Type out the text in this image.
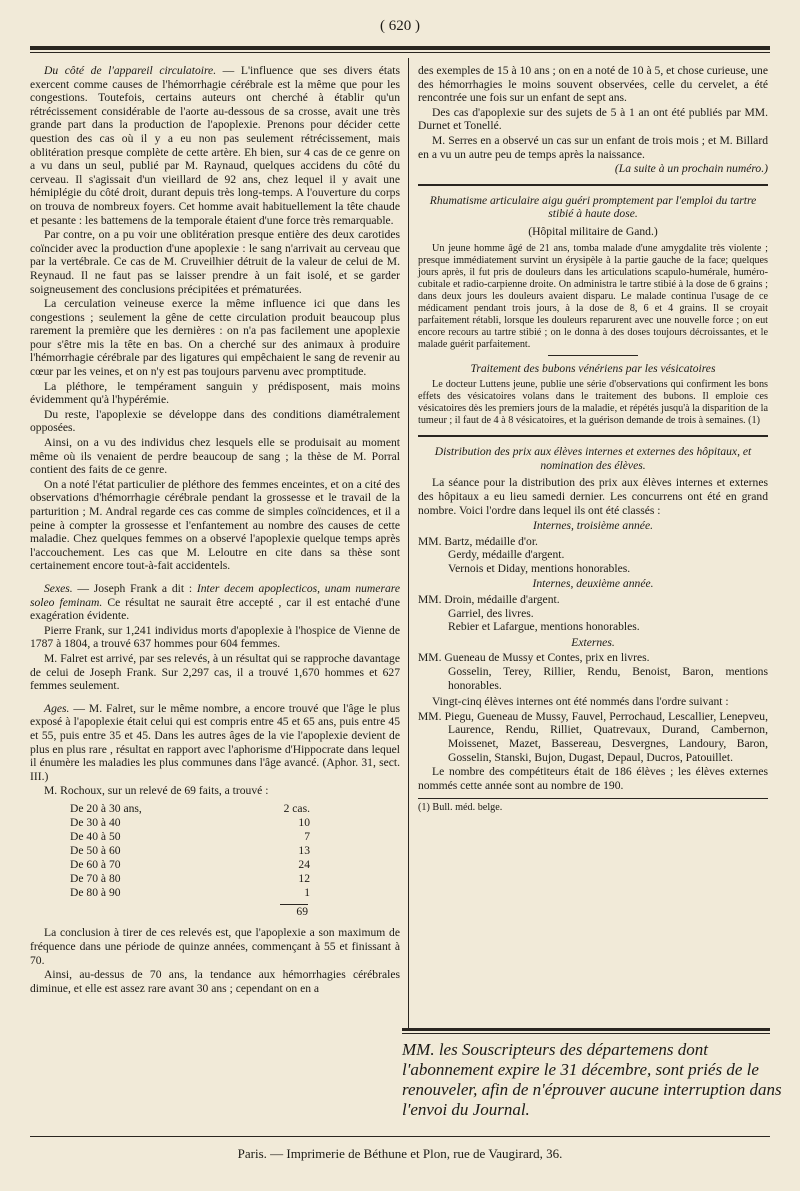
( 620 )

Du côté de l'appareil circulatoire. — L'influence que ses divers états exercent comme causes de l'hémorrhagie cérébrale est la même que pour les congestions. Toutefois, certains auteurs ont cherché à établir qu'un rétrécissement considérable de l'aorte au-dessous de sa crosse, avait une très grande part dans la production de l'apoplexie. Prenons pour décider cette question des cas où il y a eu non pas seulement rétrécissement, mais oblitération presque complète de cette artère. Eh bien, sur 4 cas de ce genre on a vu dans un seul, publié par M. Raynaud, quelques accidens du côté du cerveau. Il s'agissait d'un vieillard de 92 ans, chez lequel il y avait une hémiplégie du côté droit, durant depuis très long-temps. A l'ouverture du corps on trouva de nombreux foyers. Cet homme avait habituellement la tête chaude et pesante : les battemens de la temporale étaient d'une force très remarquable.

Par contre, on a pu voir une oblitération presque entière des deux carotides coïncider avec la production d'une apoplexie : le sang n'arrivait au cerveau que par la vertébrale. Ce cas de M. Cruveilhier détruit de la valeur de celui de M. Reynaud. Il ne faut pas se laisser prendre à un fait isolé, et se garder soigneusement des conclusions précipitées et prématurées.

La cerculation veineuse exerce la même influence ici que dans les congestions ; seulement la gêne de cette circulation produit beaucoup plus rarement la première que les dernières : on n'a pas facilement une apoplexie pour s'être mis la tête en bas. On a cherché sur des animaux à produire l'hémorrhagie cérébrale par des ligatures qui empêchaient le sang de revenir au cœur par les veines, et on n'y est pas toujours parvenu avec promptitude.

La pléthore, le tempérament sanguin y prédisposent, mais moins évidemment qu'à l'hypérémie.

Du reste, l'apoplexie se développe dans des conditions diamétralement opposées.

Ainsi, on a vu des individus chez lesquels elle se produisait au moment même où ils venaient de perdre beaucoup de sang ; la thèse de M. Porral contient des faits de ce genre.

On a noté l'état particulier de pléthore des femmes enceintes, et on a cité des observations d'hémorrhagie cérébrale pendant la grossesse et le travail de la parturition ; M. Andral regarde ces cas comme de simples coïncidences, et il a peine à compter la grossesse et l'enfantement au nombre des causes de cette maladie. Chez quelques femmes on a observé l'apoplexie quelque temps après l'accouchement. Les cas que M. Leloutre en cite dans sa thèse sont certainement encore tout-à-fait accidentels.

Sexes. — Joseph Frank a dit : Inter decem apoplecticos, unam numerare soleo feminam. Ce résultat ne saurait être accepté , car il est entaché d'une exagération évidente.

Pierre Frank, sur 1,241 individus morts d'apoplexie à l'hospice de Vienne de 1787 à 1804, a trouvé 637 hommes pour 604 femmes.

M. Falret est arrivé, par ses relevés, à un résultat qui se rapproche davantage de celui de Joseph Frank. Sur 2,297 cas, il a trouvé 1,670 hommes et 627 femmes seulement.

Ages. — M. Falret, sur le même nombre, a encore trouvé que l'âge le plus exposé à l'apoplexie était celui qui est compris entre 45 et 65 ans, puis entre 45 et 55, puis entre 35 et 45. Dans les autres âges de la vie l'apoplexie devient de plus en plus rare , résultat en rapport avec l'aphorisme d'Hippocrate dans lequel il énumère les maladies les plus communes dans l'âge avancé. (Aphor. 31, sect. III.)

M. Rochoux, sur un relevé de 69 faits, a trouvé :

De 20 à 30 ans,	2 cas.
De 30 à 40	10
De 40 à 50	7
De 50 à 60	13
De 60 à 70	24
De 70 à 80	12
De 80 à 90	1
69

La conclusion à tirer de ces relevés est, que l'apoplexie a son maximum de fréquence dans une période de quinze années, commençant à 55 et finissant à 70.

Ainsi, au-dessus de 70 ans, la tendance aux hémorrhagies cérébrales diminue, et elle est assez rare avant 30 ans ; cependant on en a

des exemples de 15 à 10 ans ; on en a noté de 10 à 5, et chose curieuse, une des hémorrhagies le moins souvent observées, celle du cervelet, a été rencontrée une fois sur un enfant de sept ans.

Des cas d'apoplexie sur des sujets de 5 à 1 an ont été publiés par MM. Durnet et Tonellé.

M. Serres en a observé un cas sur un enfant de trois mois ; et M. Billard en a vu un autre peu de temps après la naissance.

(La suite à un prochain numéro.)
Rhumatisme articulaire aigu guéri promptement par l'emploi du tartre stibié à haute dose.
(Hôpital militaire de Gand.)

Un jeune homme âgé de 21 ans, tomba malade d'une amygdalite très violente ; presque immédiatement survint un érysipèle à la partie gauche de la face; quelques jours après, il fut pris de douleurs dans les articulations scapulo-humérale, huméro-cubitale et radio-carpienne droite. On administra le tartre stibié à la dose de 6 grains ; dans deux jours les douleurs avaient disparu. Le malade continua l'usage de ce médicament pendant trois jours, à la dose de 8, 6 et 4 grains. Il se croyait parfaitement rétabli, lorsque les douleurs reparurent avec une nouvelle force ; on eut encore recours au tartre stibié ; on le donna à des doses toujours décroissantes, et le malade guérit parfaitement.

Traitement des bubons vénériens par les vésicatoires

Le docteur Luttens jeune, publie une série d'observations qui confirment les bons effets des vésicatoires volans dans le traitement des bubons. Il emploie ces vésicatoires dès les premiers jours de la maladie, et répétés jusqu'à la disparition de la tumeur ; il faut de 4 à 8 vésicatoires, et la guérison demande de trois à semaines. (1)

Distribution des prix aux élèves internes et externes des hôpitaux, et nomination des élèves.

La séance pour la distribution des prix aux élèves internes et externes des hôpitaux a eu lieu samedi dernier. Les concurrens ont été en grand nombre. Voici l'ordre dans lequel ils ont été classés :

Internes, troisième année.
MM. Bartz, médaille d'or.
Gerdy, médaille d'argent.
Vernois et Diday, mentions honorables.
Internes, deuxième année.
MM. Droin, médaille d'argent.
Garriel, des livres.
Rebier et Lafargue, mentions honorables.
Externes.
MM. Gueneau de Mussy et Contes, prix en livres.
Gosselin, Terey, Rillier, Rendu, Benoist, Baron, mentions honorables.

Vingt-cinq élèves internes ont été nommés dans l'ordre suivant :

MM. Piegu, Gueneau de Mussy, Fauvel, Perrochaud, Lescallier, Lenepveu, Laurence, Rendu, Rilliet, Quatrevaux, Durand, Cambernon, Moissenet, Mazet, Bassereau, Desvergnes, Landoury, Baron, Gosselin, Stanski, Bujon, Dugast, Depaul, Ducros, Patouillet.

Le nombre des compétiteurs était de 186 élèves ; les élèves externes nommés cette année sont au nombre de 190.

(1) Bull. méd. belge.
MM. les Souscripteurs des départemens dont l'abonnement expire le 31 décembre, sont priés de le renouveler, afin de n'éprouver aucune interruption dans l'envoi du Journal.
Paris. — Imprimerie de Béthune et Plon, rue de Vaugirard, 36.
